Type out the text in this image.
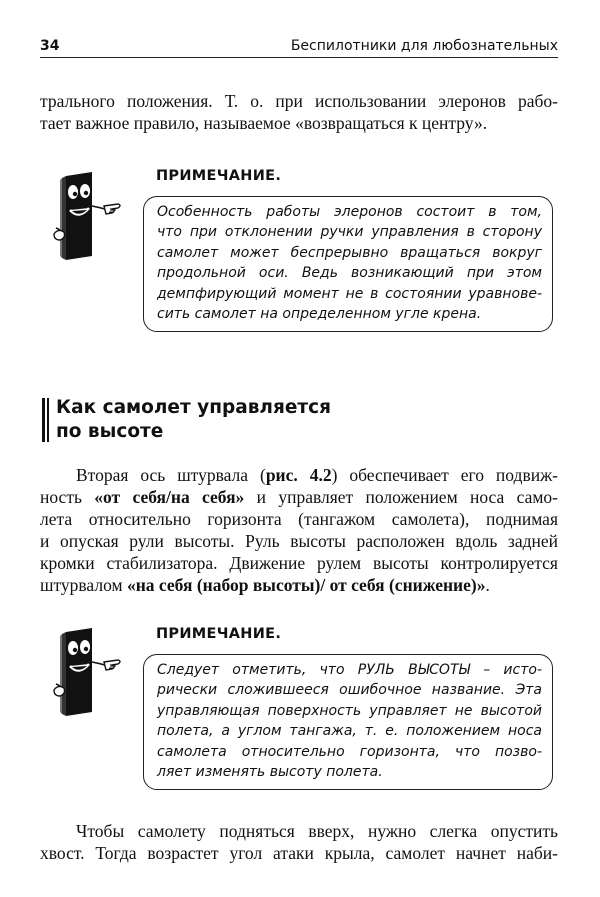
34	Беспилотники для любознательных
трального положения. Т. о. при использовании элеронов рабо-
тает важное правило, называемое «возвращаться к центру».
ПРИМЕЧАНИЕ.
Особенность работы элеронов состоит в том,
что при отклонении ручки управления в сторону
самолет может беспрерывно вращаться вокруг
продольной оси. Ведь возникающий при этом
демпфирующий момент не в состоянии уравнове-
сить самолет на определенном угле крена.
Как самолет управляется
по высоте
Вторая ось штурвала (рис. 4.2) обеспечивает его подвиж-
ность «от себя/на себя» и управляет положением носа само-
лета относительно горизонта (тангажом самолета), поднимая
и опуская рули высоты. Руль высоты расположен вдоль задней
кромки стабилизатора. Движение рулем высоты контролируется
штурвалом «на себя (набор высоты)/ от себя (снижение)».
ПРИМЕЧАНИЕ.
Следует отметить, что РУЛЬ ВЫСОТЫ – исто-
рически сложившееся ошибочное название. Эта
управляющая поверхность управляет не высотой
полета, а углом тангажа, т. е. положением носа
самолета относительно горизонта, что позво-
ляет изменять высоту полета.
Чтобы самолету подняться вверх, нужно слегка опустить
хвост. Тогда возрастет угол атаки крыла, самолет начнет наби-
